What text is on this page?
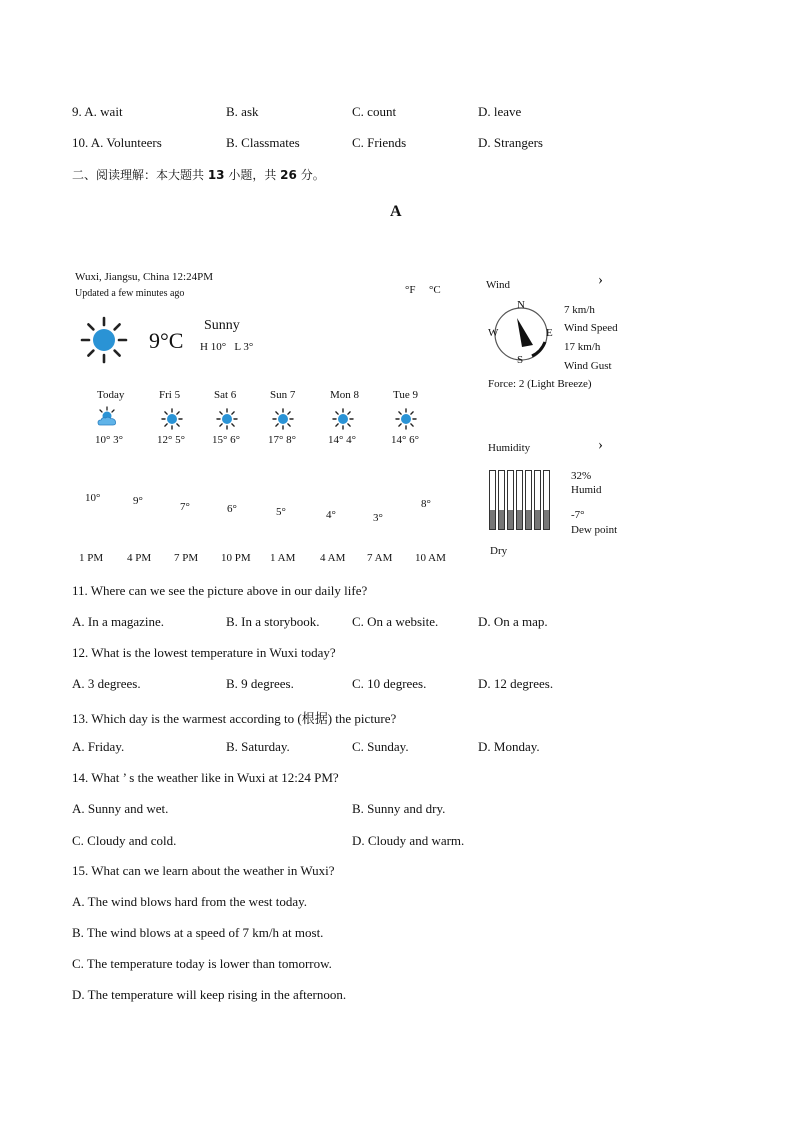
9. A. wait	B. ask	C. count	D. leave
10. A. Volunteers	B. Classmates	C. Friends	D. Strangers
二、阅读理解：本大题共 13 小题，共 26 分。
A
Wuxi, Jiangsu, China 12:24PM
Updated a few minutes ago	°F °C
9°C
Sunny
H 10°   L 3°
Today
10° 3°
Fri 5
12° 5°
Sat 6
15° 6°
Sun 7
17° 8°
Mon 8
14° 4°
Tue 9
14° 6°
10°
1 PM
9°
4 PM
7°
7 PM
6°
10 PM
5°
1 AM
4°
4 AM
3°
7 AM
8°
10 AM
Wind	›
N
S
E
W
7 km/h
Wind Speed
17 km/h
Wind Gust
Force: 2 (Light Breeze)
Humidity	›
32%
Humid
-7°
Dew point
Dry
11. Where can we see the picture above in our daily life?
A. In a magazine.	B. In a storybook. C. On a website.	D. On a map.
12. What is the lowest temperature in Wuxi today?
A. 3 degrees.	B. 9 degrees.	C. 10 degrees.	D. 12 degrees.
13. Which day is the warmest according to (根据) the picture?
A. Friday.	B. Saturday.	C. Sunday.	D. Monday.
14. What ’ s the weather like in Wuxi at 12:24 PM?
A. Sunny and wet.	B. Sunny and dry.
C. Cloudy and cold.	D. Cloudy and warm.
15. What can we learn about the weather in Wuxi?
A. The wind blows hard from the west today.
B. The wind blows at a speed of 7 km/h at most.
C. The temperature today is lower than tomorrow.
D. The temperature will keep rising in the afternoon.
